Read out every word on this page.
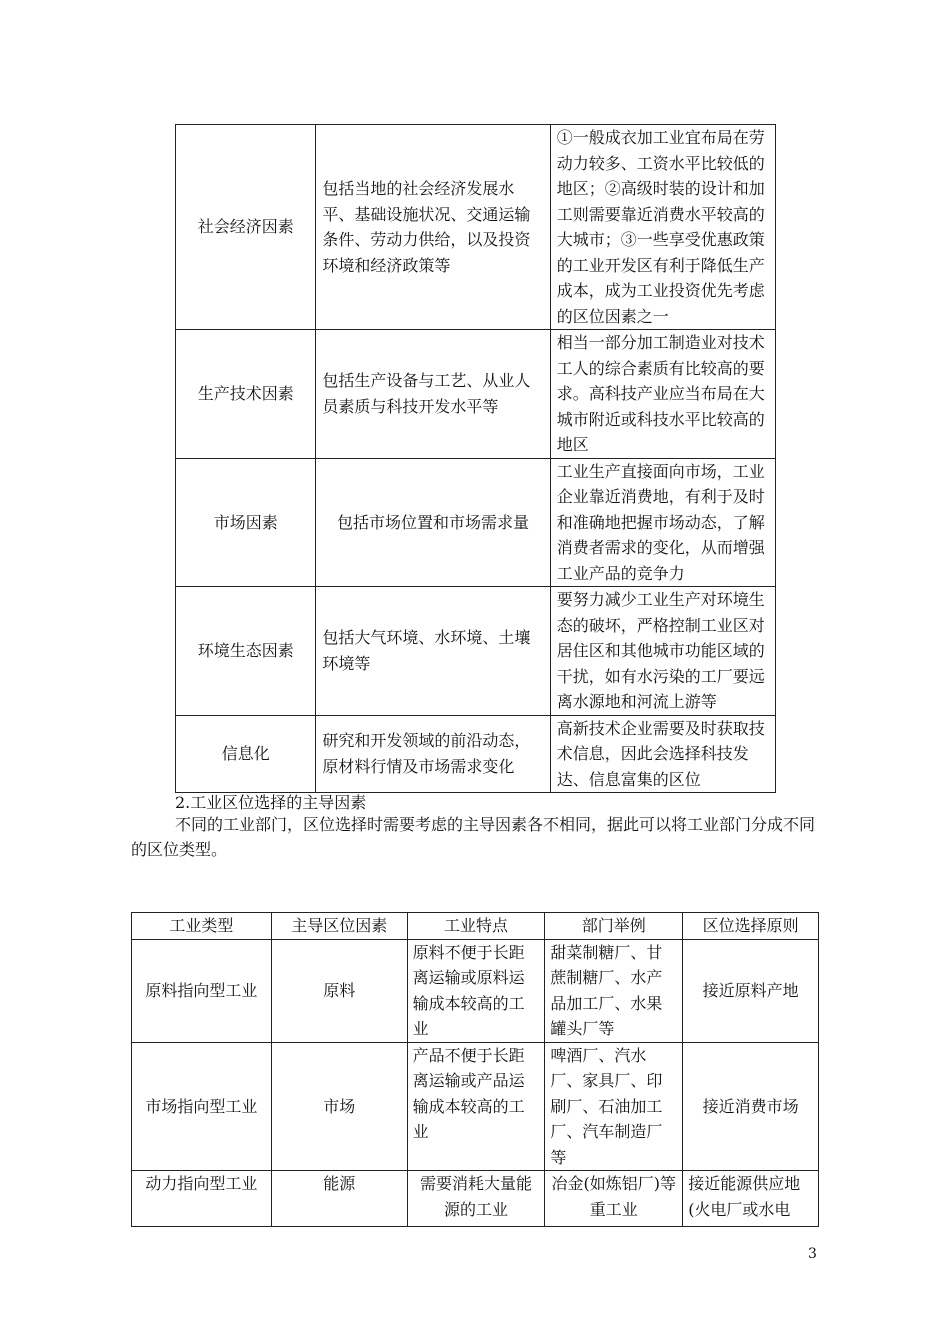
社会经济因素	包括当地的社会经济发展水平、基础设施状况、交通运输条件、劳动力供给，以及投资环境和经济政策等	①一般成衣加工业宜布局在劳动力较多、工资水平比较低的地区；②高级时装的设计和加工则需要靠近消费水平较高的大城市；③一些享受优惠政策的工业开发区有利于降低生产成本，成为工业投资优先考虑的区位因素之一
生产技术因素	包括生产设备与工艺、从业人员素质与科技开发水平等	相当一部分加工制造业对技术工人的综合素质有比较高的要求。高科技产业应当布局在大城市附近或科技水平比较高的地区
市场因素	包括市场位置和市场需求量	工业生产直接面向市场，工业企业靠近消费地，有利于及时和准确地把握市场动态，了解消费者需求的变化，从而增强工业产品的竞争力
环境生态因素	包括大气环境、水环境、土壤环境等	要努力减少工业生产对环境生态的破坏，严格控制工业区对居住区和其他城市功能区域的干扰，如有水污染的工厂要远离水源地和河流上游等
信息化	研究和开发领域的前沿动态，原材料行情及市场需求变化	高新技术企业需要及时获取技术信息，因此会选择科技发达、信息富集的区位
2.工业区位选择的主导因素
不同的工业部门，区位选择时需要考虑的主导因素各不相同，据此可以将工业部门分成不同的区位类型。
工业类型	主导区位因素	工业特点	部门举例	区位选择原则
原料指向型工业	原料	原料不便于长距离运输或原料运输成本较高的工业	甜菜制糖厂、甘蔗制糖厂、水产品加工厂、水果罐头厂等	接近原料产地
市场指向型工业	市场	产品不便于长距离运输或产品运输成本较高的工业	啤酒厂、汽水厂、家具厂、印刷厂、石油加工厂、汽车制造厂等	接近消费市场
动力指向型工业	能源	需要消耗大量能源的工业	冶金(如炼铝厂)等重工业	接近能源供应地(火电厂或水电
3
